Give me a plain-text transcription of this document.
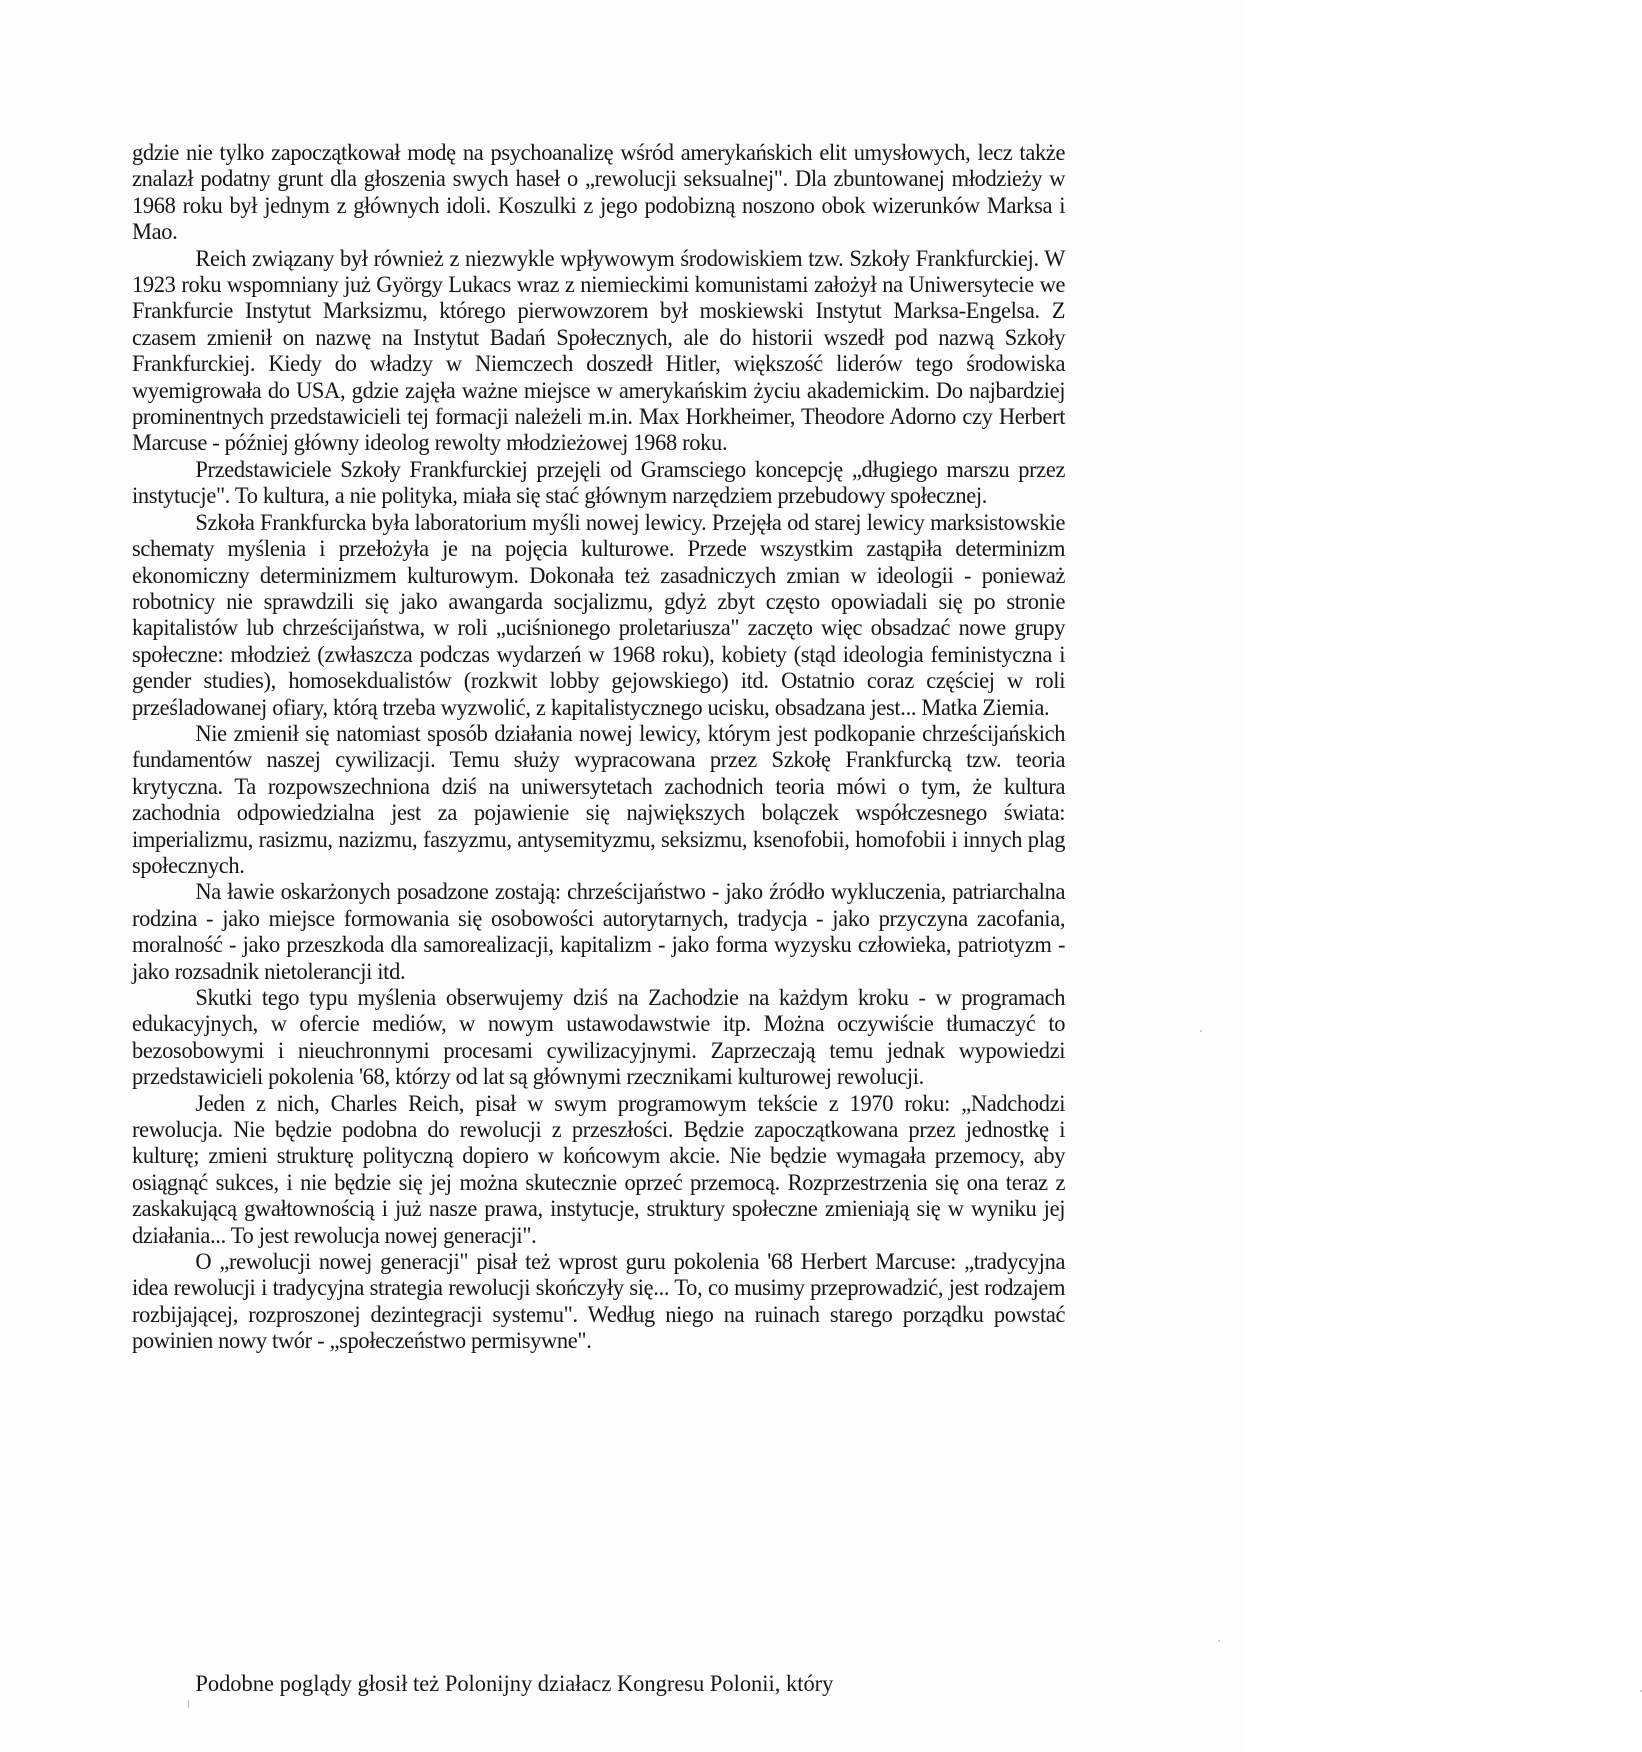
gdzie nie tylko zapoczątkował modę na psychoanalizę wśród amerykańskich elit umysłowych, lecz także znalazł podatny grunt dla głoszenia swych haseł o „rewolucji seksualnej". Dla zbuntowanej młodzieży w 1968 roku był jednym z głównych idoli. Koszulki z jego podobizną noszono obok wizerunków Marksa i Mao.

Reich związany był również z niezwykle wpływowym środowiskiem tzw. Szkoły Frankfurckiej. W 1923 roku wspomniany już György Lukacs wraz z niemieckimi komunistami założył na Uniwersytecie we Frankfurcie Instytut Marksizmu, którego pierwowzorem był moskiewski Instytut Marksa-Engelsa. Z czasem zmienił on nazwę na Instytut Badań Społecznych, ale do historii wszedł pod nazwą Szkoły Frankfurckiej. Kiedy do władzy w Niemczech doszedł Hitler, większość liderów tego środowiska wyemigrowała do USA, gdzie zajęła ważne miejsce w amerykańskim życiu akademickim. Do najbardziej prominentnych przedstawicieli tej formacji należeli m.in. Max Horkheimer, Theodore Adorno czy Herbert Marcuse - później główny ideolog rewolty młodzieżowej 1968 roku.

Przedstawiciele Szkoły Frankfurckiej przejęli od Gramsciego koncepcję „długiego marszu przez instytucje". To kultura, a nie polityka, miała się stać głównym narzędziem przebudowy społecznej.

Szkoła Frankfurcka była laboratorium myśli nowej lewicy. Przejęła od starej lewicy marksistowskie schematy myślenia i przełożyła je na pojęcia kulturowe. Przede wszystkim zastąpiła determinizm ekonomiczny determinizmem kulturowym. Dokonała też zasadniczych zmian w ideologii - ponieważ robotnicy nie sprawdzili się jako awangarda socjalizmu, gdyż zbyt często opowiadali się po stronie kapitalistów lub chrześcijaństwa, w roli „uciśnionego proletariusza" zaczęto więc obsadzać nowe grupy społeczne: młodzież (zwłaszcza podczas wydarzeń w 1968 roku), kobiety (stąd ideologia feministyczna i gender studies), homosekdualistów (rozkwit lobby gejowskiego) itd. Ostatnio coraz częściej w roli prześladowanej ofiary, którą trzeba wyzwolić, z kapitalistycznego ucisku, obsadzana jest... Matka Ziemia.

Nie zmienił się natomiast sposób działania nowej lewicy, którym jest podkopanie chrześcijańskich fundamentów naszej cywilizacji. Temu służy wypracowana przez Szkołę Frankfurcką tzw. teoria krytyczna. Ta rozpowszechniona dziś na uniwersytetach zachodnich teoria mówi o tym, że kultura zachodnia odpowiedzialna jest za pojawienie się największych bolączek współczesnego świata: imperializmu, rasizmu, nazizmu, faszyzmu, antysemityzmu, seksizmu, ksenofobii, homofobii i innych plag społecznych.

Na ławie oskarżonych posadzone zostają: chrześcijaństwo - jako źródło wykluczenia, patriarchalna rodzina - jako miejsce formowania się osobowości autorytarnych, tradycja - jako przyczyna zacofania, moralność - jako przeszkoda dla samorealizacji, kapitalizm - jako forma wyzysku człowieka, patriotyzm - jako rozsadnik nietolerancji itd.

Skutki tego typu myślenia obserwujemy dziś na Zachodzie na każdym kroku - w programach edukacyjnych, w ofercie mediów, w nowym ustawodawstwie itp. Można oczywiście tłumaczyć to bezosobowymi i nieuchronnymi procesami cywilizacyjnymi. Zaprzeczają temu jednak wypowiedzi przedstawicieli pokolenia '68, którzy od lat są głównymi rzecznikami kulturowej rewolucji.

Jeden z nich, Charles Reich, pisał w swym programowym tekście z 1970 roku: „Nadchodzi rewolucja. Nie będzie podobna do rewolucji z przeszłości. Będzie zapoczątkowana przez jednostkę i kulturę; zmieni strukturę polityczną dopiero w końcowym akcie. Nie będzie wymagała przemocy, aby osiągnąć sukces, i nie będzie się jej można skutecznie oprzeć przemocą. Rozprzestrzenia się ona teraz z zaskakującą gwałtownością i już nasze prawa, instytucje, struktury społeczne zmieniają się w wyniku jej działania... To jest rewolucja nowej generacji".

O „rewolucji nowej generacji" pisał też wprost guru pokolenia '68 Herbert Marcuse: „tradycyjna idea rewolucji i tradycyjna strategia rewolucji skończyły się... To, co musimy przeprowadzić, jest rodzajem rozbijającej, rozproszonej dezintegracji systemu". Według niego na ruinach starego porządku powstać powinien nowy twór - „społeczeństwo permisywne".

Podobne poglądy głosił też Polonijny działacz Kongresu Polonii, który
